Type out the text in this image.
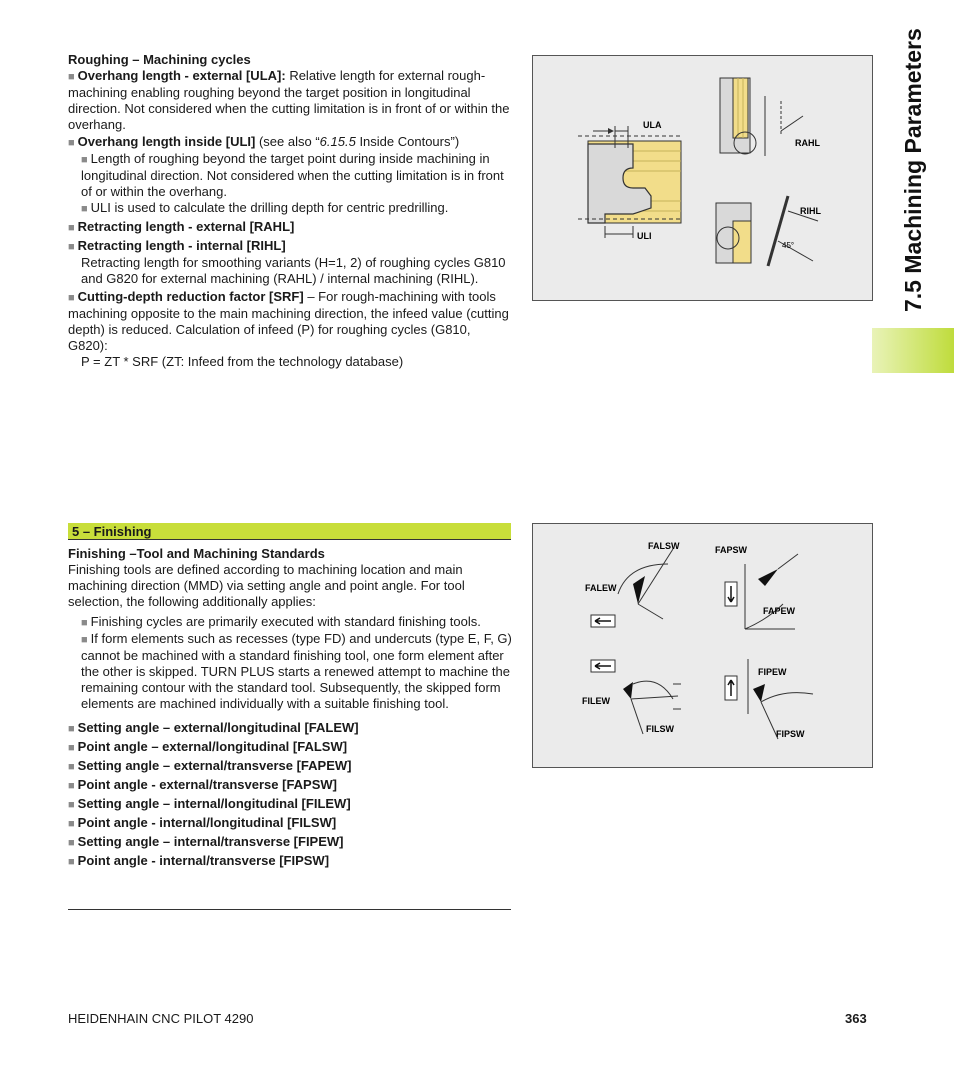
7.5 Machining Parameters

Roughing – Machining cycles

■ Overhang length - external [ULA]: Relative length for external rough-machining enabling roughing beyond the target position in longitudinal direction. Not considered when the cutting limitation is in front of or within the overhang.

■ Overhang length inside [ULI] (see also “6.15.5 Inside Contours”)

■ Length of roughing beyond the target point during inside machining in longitudinal direction. Not considered when the cutting limitation is in front of or within the overhang.

■ ULI is used to calculate the drilling depth for centric predrilling.

■ Retracting length - external [RAHL]

■ Retracting length - internal [RIHL]

Retracting length for smoothing variants (H=1, 2) of roughing cycles G810 and G820 for external machining (RAHL) / internal machining (RIHL).

■ Cutting-depth reduction factor [SRF] – For rough-machining with tools machining opposite to the main machining direction, the infeed value (cutting depth) is reduced. Calculation of infeed (P) for roughing cycles (G810, G820):

P = ZT * SRF (ZT: Infeed from the technology database)

ULA
ULI
RAHL
RIHL
45°
5 – Finishing

Finishing –Tool and Machining Standards

Finishing tools are defined according to machining location and main machining direction (MMD) via setting angle and point angle. For tool selection, the following additionally applies:

■ Finishing cycles are primarily executed with standard finishing tools.

■ If form elements such as recesses (type FD) and undercuts (type E, F, G) cannot be machined with a standard finishing tool, one form element after the other is skipped. TURN PLUS starts a renewed attempt to machine the remaining contour with the standard tool. Subsequently, the skipped form elements are machined individually with a suitable finishing tool.

■ Setting angle – external/longitudinal [FALEW]

■ Point angle – external/longitudinal [FALSW]

■ Setting angle – external/transverse [FAPEW]

■ Point angle - external/transverse [FAPSW]

■ Setting angle – internal/longitudinal [FILEW]

■ Point angle - internal/longitudinal [FILSW]

■ Setting angle – internal/transverse [FIPEW]

■ Point angle - internal/transverse [FIPSW]

FALSW
FALEW
FAPSW
FAPEW
FILEW
FILSW
FIPEW
FIPSW
HEIDENHAIN CNC PILOT 4290	363
